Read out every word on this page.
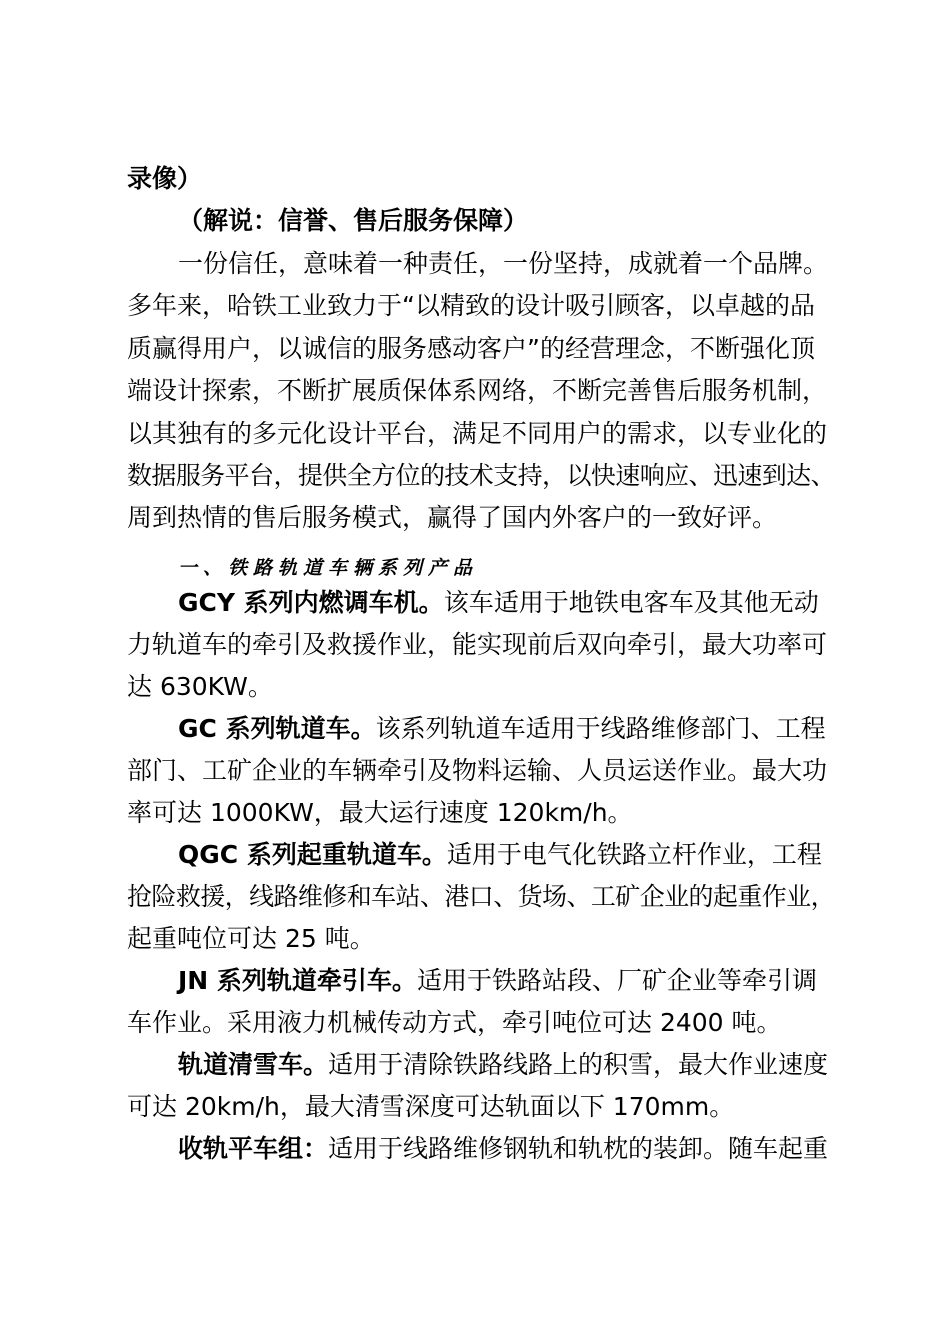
录像）
（解说：信誉、售后服务保障）
一份信任，意味着一种责任，一份坚持，成就着一个品牌。
多年来，哈铁工业致力于“以精致的设计吸引顾客，以卓越的品
质赢得用户，以诚信的服务感动客户”的经营理念，不断强化顶
端设计探索，不断扩展质保体系网络，不断完善售后服务机制，
以其独有的多元化设计平台，满足不同用户的需求，以专业化的
数据服务平台，提供全方位的技术支持，以快速响应、迅速到达、
周到热情的售后服务模式，赢得了国内外客户的一致好评。
一、铁路轨道车辆系列产品
GCY 系列内燃调车机。该车适用于地铁电客车及其他无动
力轨道车的牵引及救援作业，能实现前后双向牵引，最大功率可
达 630KW。
GC 系列轨道车。该系列轨道车适用于线路维修部门、工程
部门、工矿企业的车辆牵引及物料运输、人员运送作业。最大功
率可达 1000KW，最大运行速度 120km/h。
QGC 系列起重轨道车。适用于电气化铁路立杆作业，工程
抢险救援，线路维修和车站、港口、货场、工矿企业的起重作业，
起重吨位可达 25 吨。
JN 系列轨道牵引车。适用于铁路站段、厂矿企业等牵引调
车作业。采用液力机械传动方式，牵引吨位可达 2400 吨。
轨道清雪车。适用于清除铁路线路上的积雪，最大作业速度
可达 20km/h，最大清雪深度可达轨面以下 170mm。
收轨平车组：适用于线路维修钢轨和轨枕的装卸。随车起重
